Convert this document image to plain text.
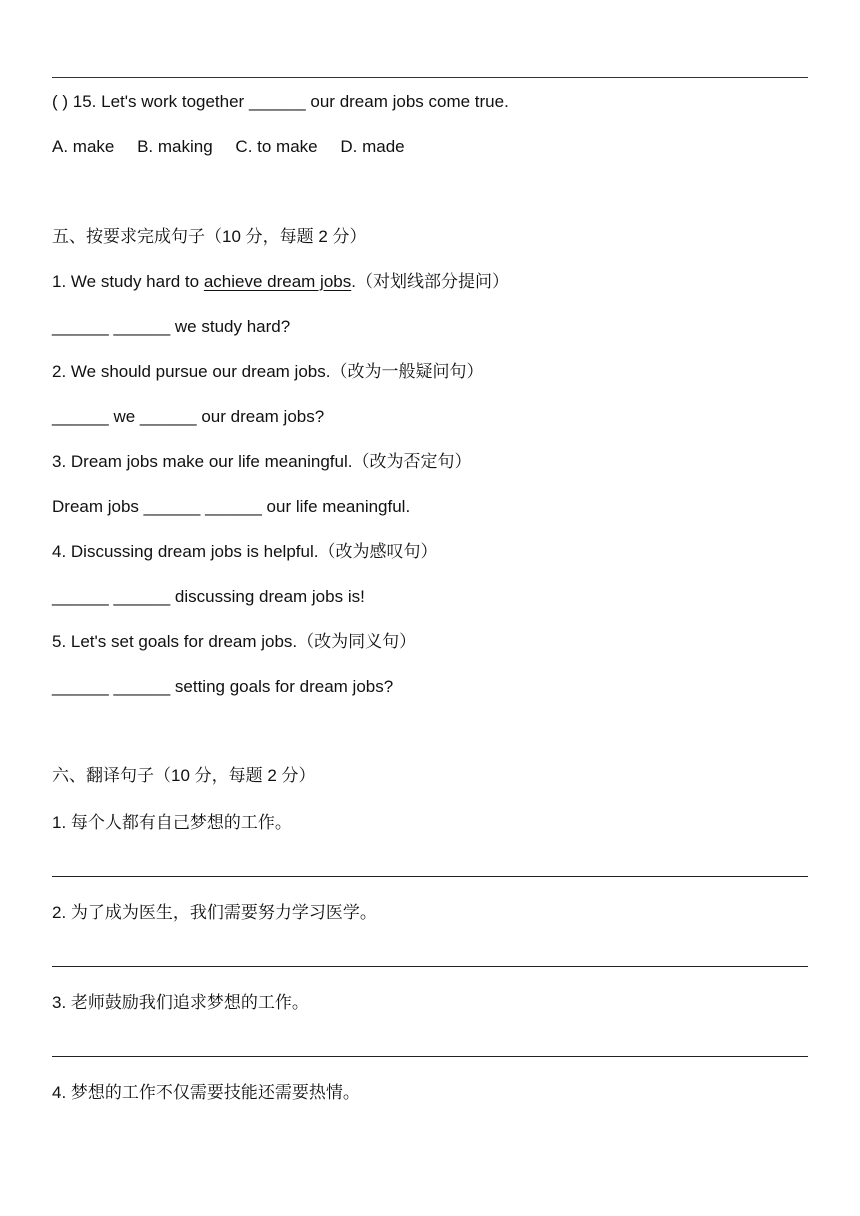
( ) 15. Let's work together ______ our dream jobs come true.
A. make B. making C. to make D. made
五、按要求完成句子（10 分，每题 2 分）
1. We study hard to achieve dream jobs.（对划线部分提问）
______ ______ we study hard?
2. We should pursue our dream jobs.（改为一般疑问句）
______ we ______ our dream jobs?
3. Dream jobs make our life meaningful.（改为否定句）
Dream jobs ______ ______ our life meaningful.
4. Discussing dream jobs is helpful.（改为感叹句）
______ ______ discussing dream jobs is!
5. Let's set goals for dream jobs.（改为同义句）
______ ______ setting goals for dream jobs?
六、翻译句子（10 分，每题 2 分）
1. 每个人都有自己梦想的工作。
2. 为了成为医生，我们需要努力学习医学。
3. 老师鼓励我们追求梦想的工作。
4. 梦想的工作不仅需要技能还需要热情。
